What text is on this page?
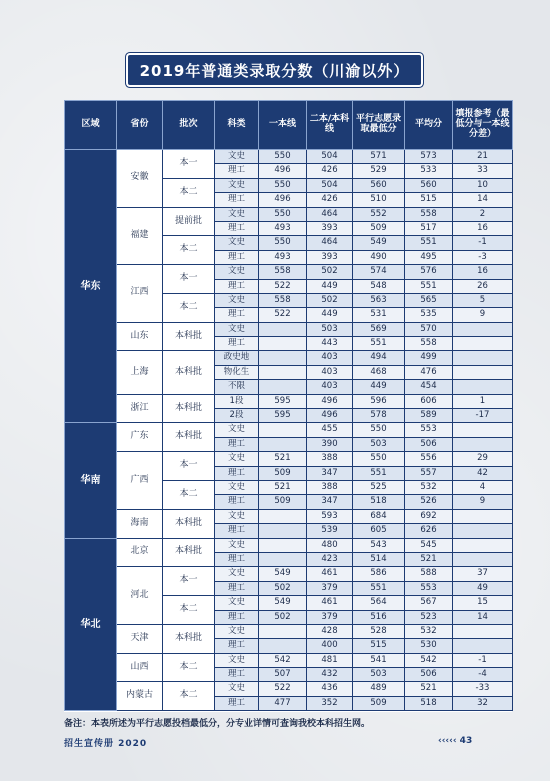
2019年普通类录取分数（川渝以外）
区域	省份	批次	科类	一本线	二本/本科线	平行志愿录取最低分	平均分	填报参考（最低分与一本线分差）
华东	安徽	本一	文史	550	504	571	573	21
			理工	496	426	529	533	33
		本二	文史	550	504	560	560	10
			理工	496	426	510	515	14
	福建	提前批	文史	550	464	552	558	2
			理工	493	393	509	517	16
		本二	文史	550	464	549	551	-1
			理工	493	393	490	495	-3
	江西	本一	文史	558	502	574	576	16
			理工	522	449	548	551	26
		本二	文史	558	502	563	565	5
			理工	522	449	531	535	9
	山东	本科批	文史		503	569	570	
			理工		443	551	558	
	上海	本科批	政史地		403	494	499	
			物化生		403	468	476	
			不限		403	449	454	
	浙江	本科批	1段	595	496	596	606	1
			2段	595	496	578	589	-17
华南	广东	本科批	文史		455	550	553	
			理工		390	503	506	
	广西	本一	文史	521	388	550	556	29
			理工	509	347	551	557	42
		本二	文史	521	388	525	532	4
			理工	509	347	518	526	9
	海南	本科批	文史		593	684	692	
			理工		539	605	626	
华北	北京	本科批	文史		480	543	545	
			理工		423	514	521	
	河北	本一	文史	549	461	586	588	37
			理工	502	379	551	553	49
		本二	文史	549	461	564	567	15
			理工	502	379	516	523	14
	天津	本科批	文史		428	528	532	
			理工		400	515	530	
	山西	本二	文史	542	481	541	542	-1
			理工	507	432	503	506	-4
	内蒙古	本二	文史	522	436	489	521	-33
			理工	477	352	509	518	32
备注：本表所述为平行志愿投档最低分，分专业详情可查询我校本科招生网。
招生宣传册 2020	‹‹‹‹‹ 43
